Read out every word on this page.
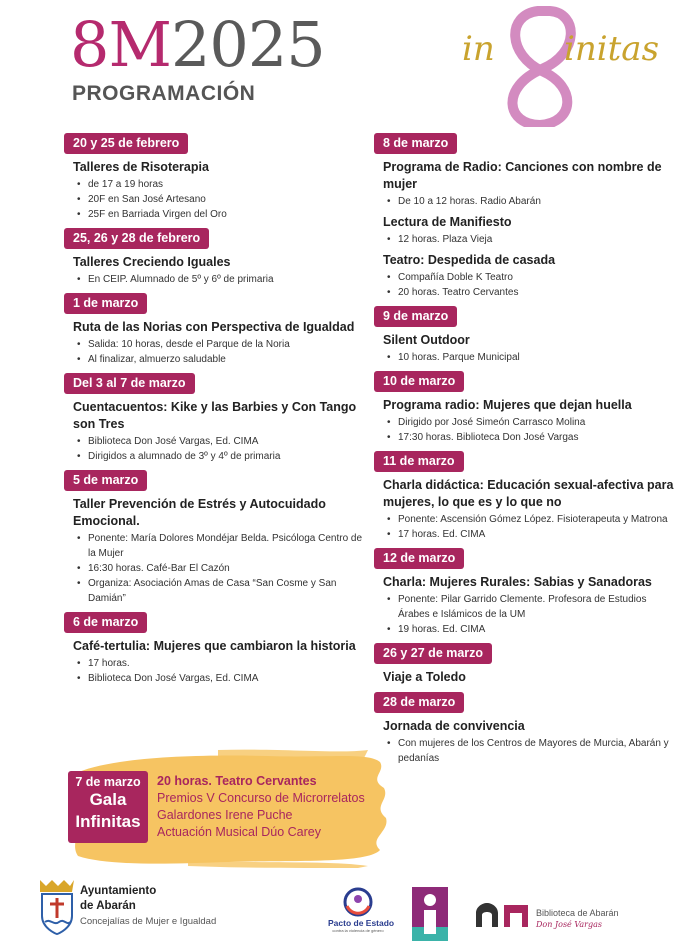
8M2025
PROGRAMACIÓN
in initas
20 y 25 de febrero
Talleres de Risoterapia
• de 17 a 19 horas
• 20F en San José Artesano
• 25F en Barriada Virgen del Oro
25, 26 y 28 de febrero
Talleres Creciendo Iguales
• En CEIP. Alumnado de 5º y 6º de primaria
1 de marzo
Ruta de las Norias con Perspectiva de Igualdad
• Salida: 10 horas, desde el Parque de la Noria
• Al finalizar, almuerzo saludable
Del 3 al 7 de marzo
Cuentacuentos: Kike y las Barbies y Con Tango son Tres
• Biblioteca Don José Vargas, Ed. CIMA
• Dirigidos a alumnado de 3º y 4º de primaria
5 de marzo
Taller Prevención de Estrés y Autocuidado Emocional.
• Ponente: María Dolores Mondéjar Belda. Psicóloga Centro de la Mujer
• 16:30 horas. Café-Bar El Cazón
• Organiza: Asociación Amas de Casa “San Cosme y San Damián”
6 de marzo
Café-tertulia: Mujeres que cambiaron la historia
• 17 horas.
• Biblioteca Don José Vargas, Ed. CIMA
8 de marzo
Programa de Radio: Canciones con nombre de mujer
• De 10 a 12 horas. Radio Abarán
Lectura de Manifiesto
• 12 horas. Plaza Vieja
Teatro: Despedida de casada
• Compañía Doble K Teatro
• 20 horas. Teatro Cervantes
9 de marzo
Silent Outdoor
• 10 horas. Parque Municipal
10 de marzo
Programa radio: Mujeres que dejan huella
• Dirigido por José Simeón Carrasco Molina
• 17:30 horas. Biblioteca Don José Vargas
11 de marzo
Charla didáctica: Educación sexual-afectiva para mujeres, lo que es y lo que no
• Ponente: Ascensión Gómez López. Fisioterapeuta y Matrona
• 17 horas. Ed. CIMA
12 de marzo
Charla: Mujeres Rurales: Sabias y Sanadoras
• Ponente: Pilar Garrido Clemente. Profesora de Estudios Árabes e Islámicos de la UM
• 19 horas. Ed. CIMA
26 y 27 de marzo
Viaje a Toledo
28 de marzo
Jornada de convivencia
• Con mujeres de los Centros de Mayores de Murcia, Abarán y pedanías
7 de marzo
Gala
Infinitas
20 horas. Teatro Cervantes
Premios V Concurso de Microrrelatos
Galardones Irene Puche
Actuación Musical Dúo Carey
Ayuntamiento
de Abarán
Concejalías de Mujer e Igualdad	Pacto de Estado
contra la violencia de género
Biblioteca de Abarán
Don José Vargas
